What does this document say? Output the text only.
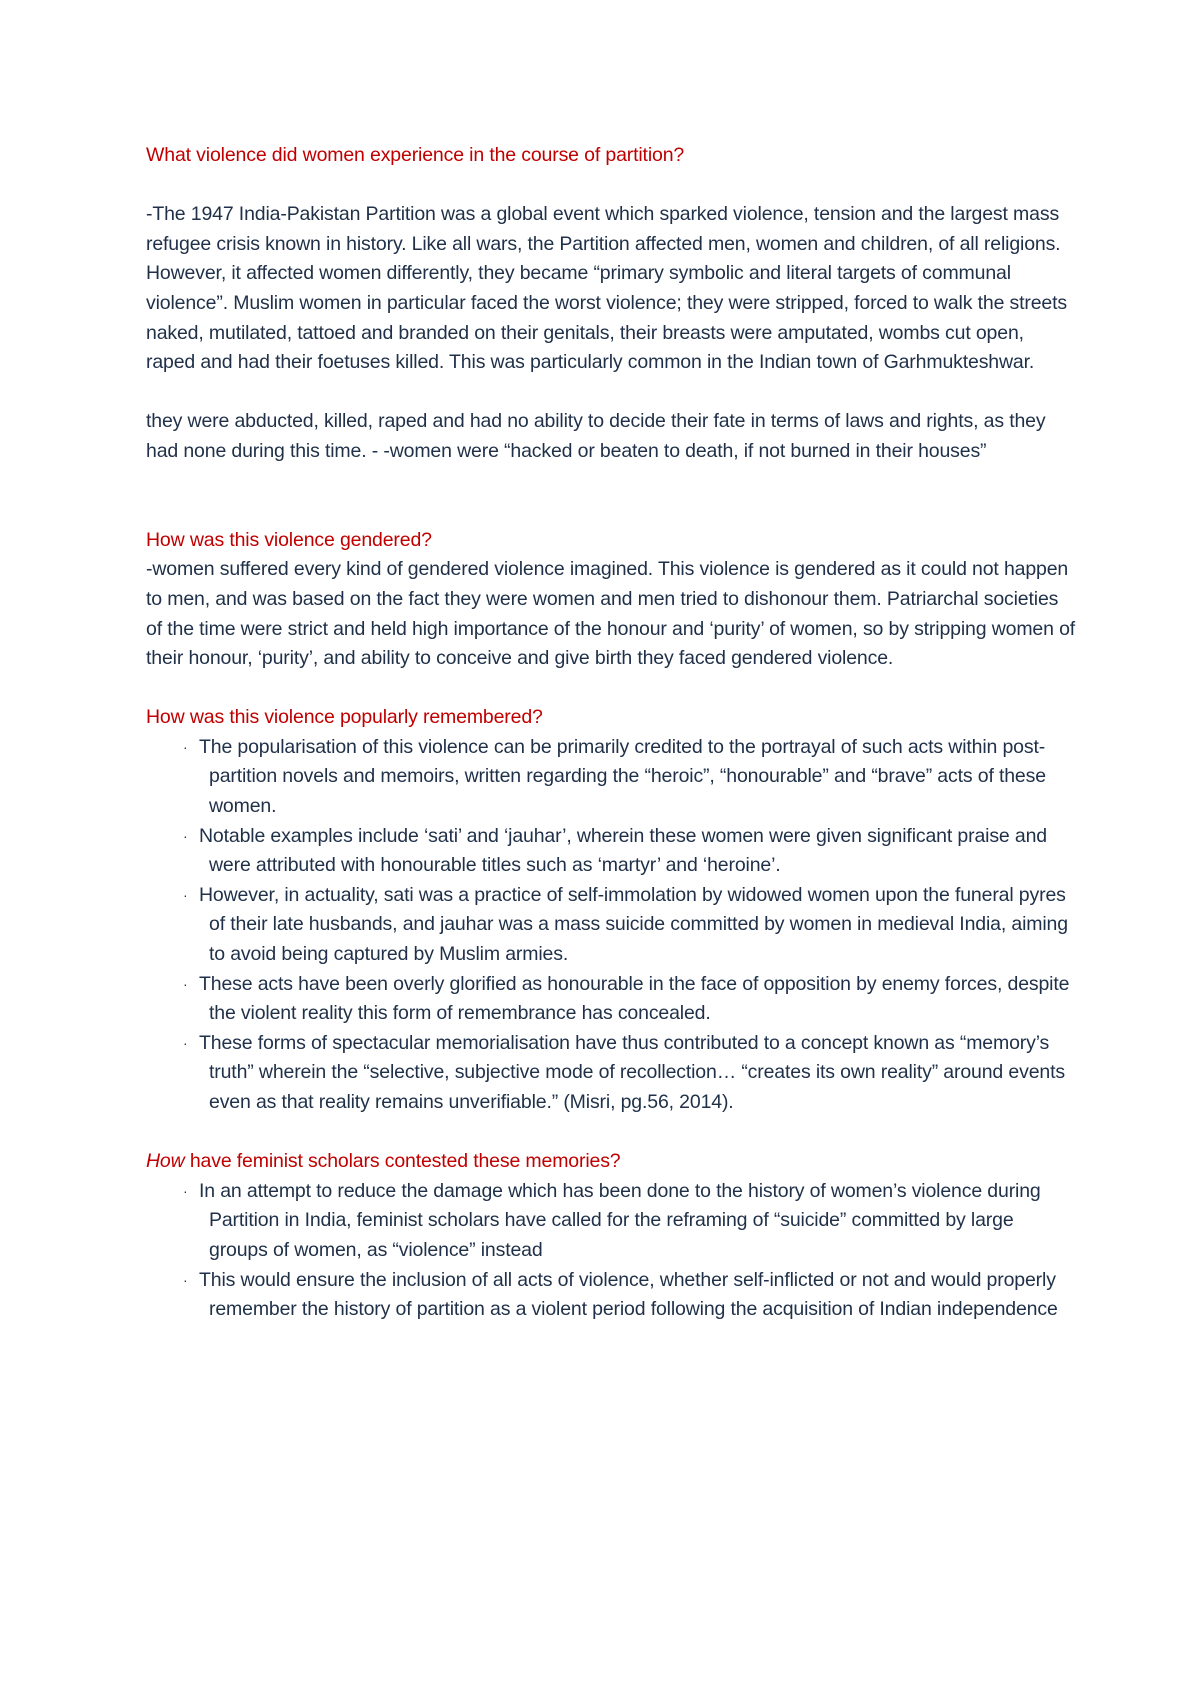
What violence did women experience in the course of partition?

-The 1947 India-Pakistan Partition was a global event which sparked violence, tension and the largest mass refugee crisis known in history. Like all wars, the Partition affected men, women and children, of all religions. However, it affected women differently, they became “primary symbolic and literal targets of communal violence”. Muslim women in particular faced the worst violence; they were stripped, forced to walk the streets naked, mutilated, tattoed and branded on their genitals, their breasts were amputated, wombs cut open, raped and had their foetuses killed. This was particularly common in the Indian town of Garhmukteshwar.

they were abducted, killed, raped and had no ability to decide their fate in terms of laws and rights, as they had none during this time. - -women were “hacked or beaten to death, if not burned in their houses”

How was this violence gendered?

-women suffered every kind of gendered violence imagined. This violence is gendered as it could not happen to men, and was based on the fact they were women and men tried to dishonour them. Patriarchal societies of the time were strict and held high importance of the honour and ‘purity’ of women, so by stripping women of their honour, ‘purity’, and ability to conceive and give birth they faced gendered violence.

How was this violence popularly remembered?

· The popularisation of this violence can be primarily credited to the portrayal of such acts within post-partition novels and memoirs, written regarding the “heroic”, “honourable” and “brave” acts of these women.
· Notable examples include ‘sati’ and ‘jauhar’, wherein these women were given significant praise and were attributed with honourable titles such as ‘martyr’ and ‘heroine’.
· However, in actuality, sati was a practice of self-immolation by widowed women upon the funeral pyres of their late husbands, and jauhar was a mass suicide committed by women in medieval India, aiming to avoid being captured by Muslim armies.
· These acts have been overly glorified as honourable in the face of opposition by enemy forces, despite the violent reality this form of remembrance has concealed.
· These forms of spectacular memorialisation have thus contributed to a concept known as “memory’s truth” wherein the “selective, subjective mode of recollection… “creates its own reality” around events even as that reality remains unverifiable.” (Misri, pg.56, 2014).

How have feminist scholars contested these memories?

· In an attempt to reduce the damage which has been done to the history of women’s violence during Partition in India, feminist scholars have called for the reframing of “suicide” committed by large groups of women, as “violence” instead
· This would ensure the inclusion of all acts of violence, whether self-inflicted or not and would properly remember the history of partition as a violent period following the acquisition of Indian independence
